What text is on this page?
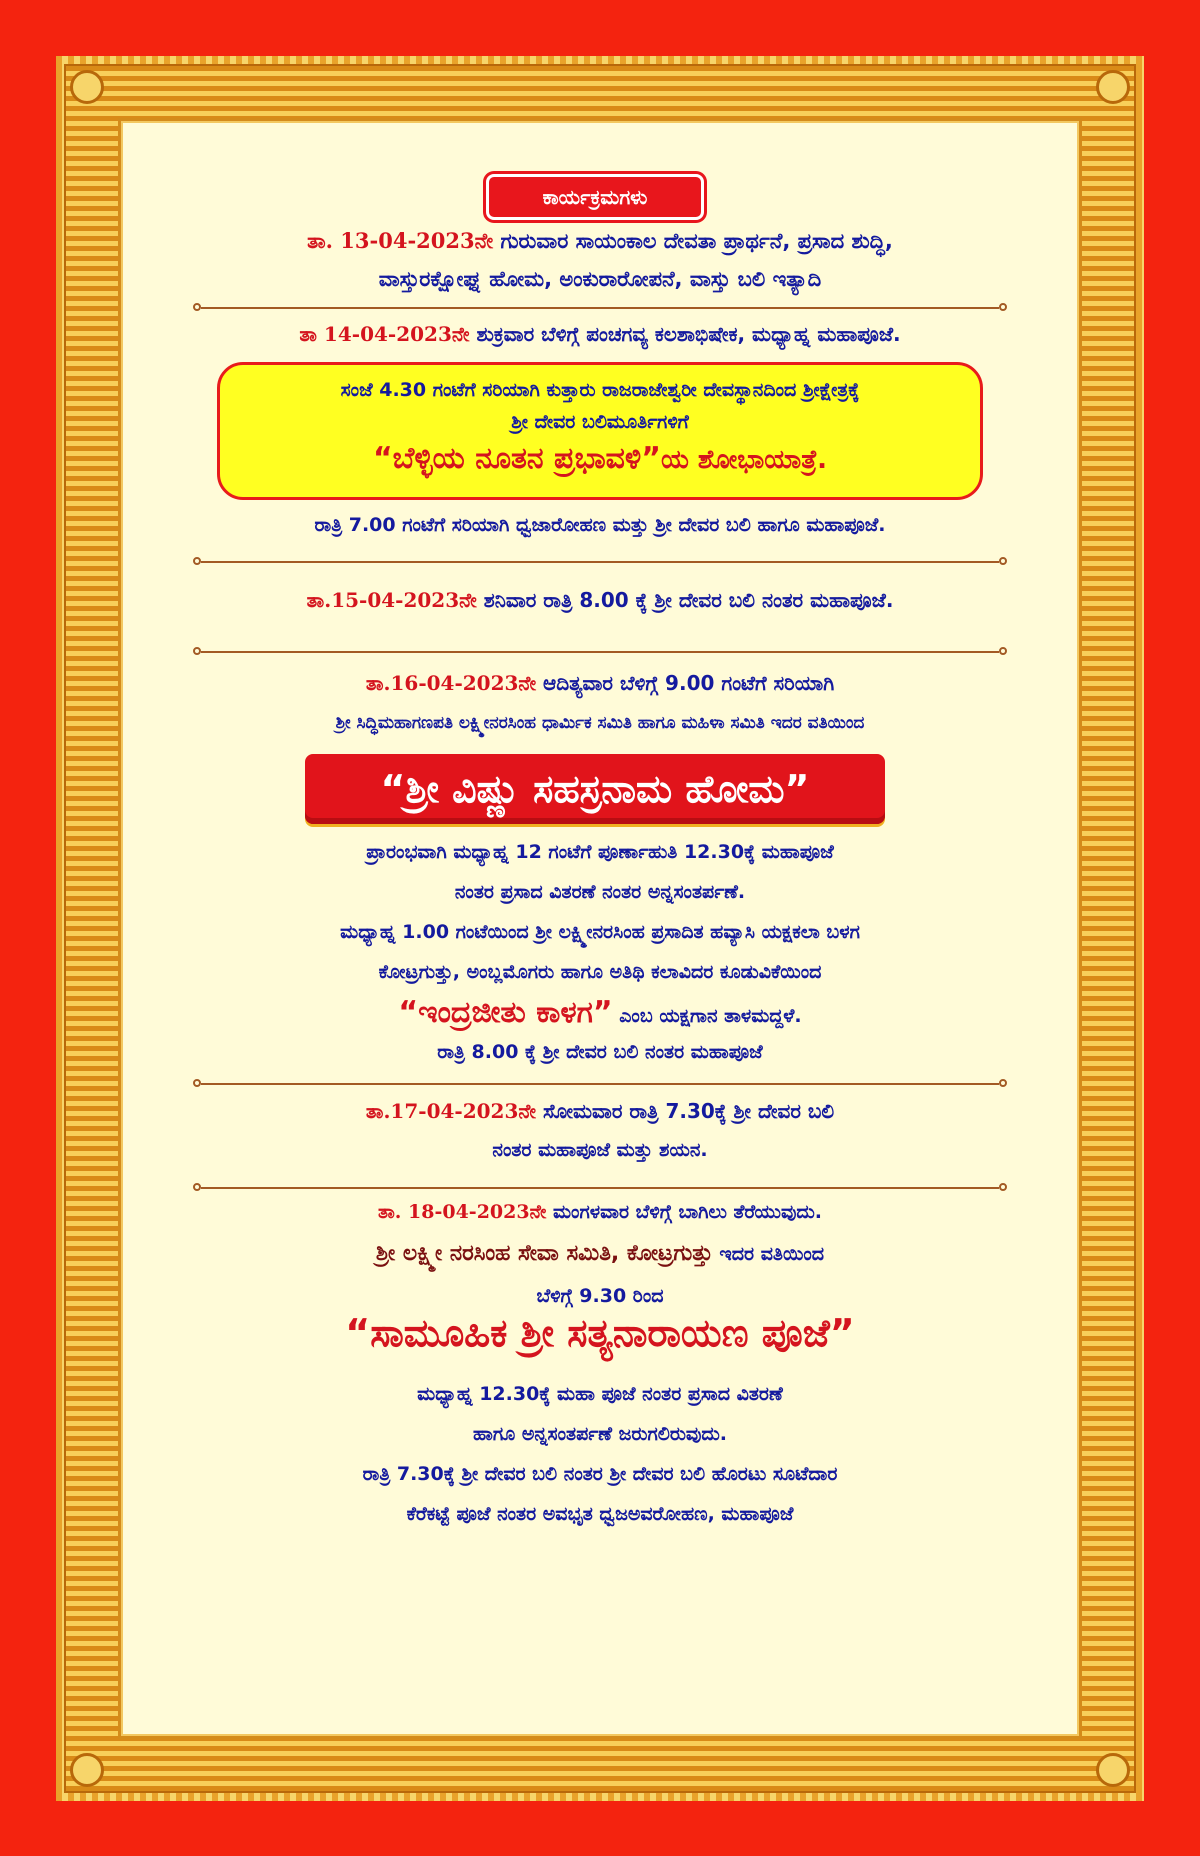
ಕಾರ್ಯಕ್ರಮಗಳು
ತಾ. 13-04-2023ನೇ ಗುರುವಾರ ಸಾಯಂಕಾಲ ದೇವತಾ ಪ್ರಾರ್ಥನೆ, ಪ್ರಸಾದ ಶುದ್ಧಿ,
ವಾಸ್ತುರಕ್ಷೋಘ್ನ ಹೋಮ, ಅಂಕುರಾರೋಪನೆ, ವಾಸ್ತು ಬಲಿ ಇತ್ಯಾದಿ
ತಾ 14-04-2023ನೇ ಶುಕ್ರವಾರ ಬೆಳಿಗ್ಗೆ ಪಂಚಗವ್ಯ ಕಲಶಾಭಿಷೇಕ, ಮಧ್ಯಾಹ್ನ ಮಹಾಪೂಜೆ.
ಸಂಜೆ 4.30 ಗಂಟೆಗೆ ಸರಿಯಾಗಿ ಕುತ್ತಾರು ರಾಜರಾಜೇಶ್ವರೀ ದೇವಸ್ಥಾನದಿಂದ ಶ್ರೀಕ್ಷೇತ್ರಕ್ಕೆ
ಶ್ರೀ ದೇವರ ಬಲಿಮೂರ್ತಿಗಳಿಗೆ
“ಬೆಳ್ಳಿಯ ನೂತನ ಪ್ರಭಾವಳಿ”ಯ ಶೋಭಾಯಾತ್ರೆ.
ರಾತ್ರಿ 7.00 ಗಂಟೆಗೆ ಸರಿಯಾಗಿ ಧ್ವಜಾರೋಹಣ ಮತ್ತು ಶ್ರೀ ದೇವರ ಬಲಿ ಹಾಗೂ ಮಹಾಪೂಜೆ.
ತಾ.15-04-2023ನೇ ಶನಿವಾರ ರಾತ್ರಿ 8.00 ಕ್ಕೆ ಶ್ರೀ ದೇವರ ಬಲಿ ನಂತರ ಮಹಾಪೂಜೆ.
ತಾ.16-04-2023ನೇ ಆದಿತ್ಯವಾರ ಬೆಳಿಗ್ಗೆ 9.00 ಗಂಟೆಗೆ ಸರಿಯಾಗಿ
ಶ್ರೀ ಸಿದ್ಧಿಮಹಾಗಣಪತಿ ಲಕ್ಷ್ಮೀನರಸಿಂಹ ಧಾರ್ಮಿಕ ಸಮಿತಿ ಹಾಗೂ ಮಹಿಳಾ ಸಮಿತಿ ಇದರ ವತಿಯಿಂದ
“ಶ್ರೀ ವಿಷ್ಣು ಸಹಸ್ರನಾಮ ಹೋಮ”
ಪ್ರಾರಂಭವಾಗಿ ಮಧ್ಯಾಹ್ನ 12 ಗಂಟೆಗೆ ಪೂರ್ಣಾಹುತಿ 12.30ಕ್ಕೆ ಮಹಾಪೂಜೆ
ನಂತರ ಪ್ರಸಾದ ವಿತರಣೆ ನಂತರ ಅನ್ನಸಂತರ್ಪಣೆ.
ಮಧ್ಯಾಹ್ನ 1.00 ಗಂಟೆಯಿಂದ ಶ್ರೀ ಲಕ್ಷ್ಮೀನರಸಿಂಹ ಪ್ರಸಾದಿತ ಹವ್ಯಾಸಿ ಯಕ್ಷಕಲಾ ಬಳಗ
ಕೋಟ್ರಗುತ್ತು, ಅಂಬ್ಲಮೊಗರು ಹಾಗೂ ಅತಿಥಿ ಕಲಾವಿದರ ಕೂಡುವಿಕೆಯಿಂದ
“ಇಂದ್ರಜೀತು ಕಾಳಗ” ಎಂಬ ಯಕ್ಷಗಾನ ತಾಳಮದ್ದಳೆ.
ರಾತ್ರಿ 8.00 ಕ್ಕೆ ಶ್ರೀ ದೇವರ ಬಲಿ ನಂತರ ಮಹಾಪೂಜೆ
ತಾ.17-04-2023ನೇ ಸೋಮವಾರ ರಾತ್ರಿ 7.30ಕ್ಕೆ ಶ್ರೀ ದೇವರ ಬಲಿ
ನಂತರ ಮಹಾಪೂಜೆ ಮತ್ತು ಶಯನ.
ತಾ. 18-04-2023ನೇ ಮಂಗಳವಾರ ಬೆಳಿಗ್ಗೆ ಬಾಗಿಲು ತೆರೆಯುವುದು.
ಶ್ರೀ ಲಕ್ಷ್ಮೀ ನರಸಿಂಹ ಸೇವಾ ಸಮಿತಿ, ಕೋಟ್ರಗುತ್ತು ಇದರ ವತಿಯಿಂದ
ಬೆಳಿಗ್ಗೆ 9.30 ರಿಂದ
“ಸಾಮೂಹಿಕ ಶ್ರೀ ಸತ್ಯನಾರಾಯಣ ಪೂಜೆ”
ಮಧ್ಯಾಹ್ನ 12.30ಕ್ಕೆ ಮಹಾ ಪೂಜೆ ನಂತರ ಪ್ರಸಾದ ವಿತರಣೆ
ಹಾಗೂ ಅನ್ನಸಂತರ್ಪಣೆ ಜರುಗಲಿರುವುದು.
ರಾತ್ರಿ 7.30ಕ್ಕೆ ಶ್ರೀ ದೇವರ ಬಲಿ ನಂತರ ಶ್ರೀ ದೇವರ ಬಲಿ ಹೊರಟು ಸೂಟೆದಾರ
ಕೆರೆಕಟ್ಟೆ ಪೂಜೆ ನಂತರ ಅವಭೃತ ಧ್ವಜಅವರೋಹಣ, ಮಹಾಪೂಜೆ
